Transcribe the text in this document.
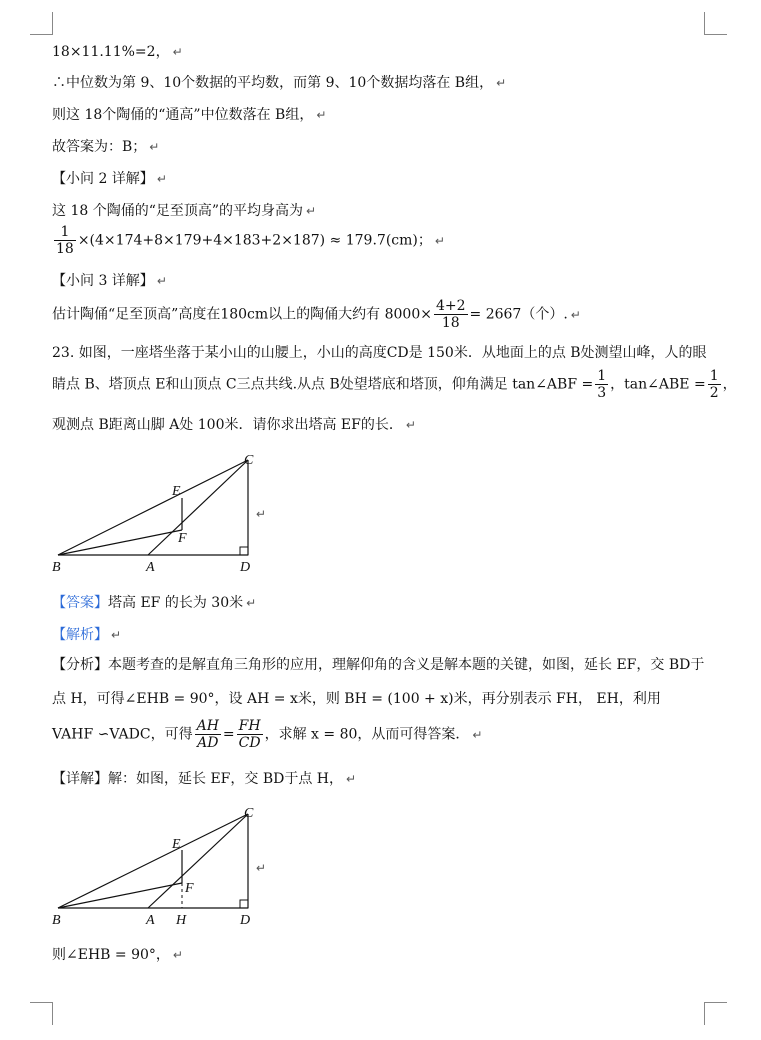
18×11.11%=2， ↵
∴中位数为第 9、10个数据的平均数，而第 9、10个数据均落在 B组， ↵
则这 18个陶俑的“通高”中位数落在 B组， ↵
故答案为：B； ↵
【小问 2 详解】 ↵
这 18 个陶俑的“足至顶高”的平均身高为 ↵
$\frac{1}{18} \times(4\times 174+8\times 179+4\times 183+2\times 187) \approx 179.7(cm)$； ↵
【小问 3 详解】 ↵
估计陶俑“足至顶高”高度在180cm以上的陶俑大约有 $8000\times \frac{4+2}{18} = 2667$（个）. ↵
23. 如图，一座塔坐落于某小山的山腰上，小山的高度CD是 150米．从地面上的点 B处测望山峰，人的眼
睛点 B、塔顶点 E和山顶点 C三点共线.从点 B处望塔底和塔顶，仰角满足 tan∠ABF = $\frac{1}{3}$ ，tan∠ABE = $\frac{1}{2}$ ，
观测点 B距离山脚 A处 100米．请你求出塔高 EF的长． ↵
B	A	D
C
E
F
↵
【答案】塔高 EF 的长为 30米 ↵
【解析】 ↵
【分析】本题考查的是解直角三角形的应用，理解仰角的含义是解本题的关键，如图，延长 EF，交 BD于
点 H，可得∠EHB = 90°，设 AH = x米，则 BH = (100 + x)米，再分别表示 FH， EH，利用
VAHF ∽VADC，可得 $\frac{AH}{AD} = \frac{FH}{CD}$ ，求解 x = 80，从而可得答案． ↵
【详解】解：如图，延长 EF，交 BD于点 H， ↵
B	A H	D
C
E
F
↵
则∠EHB = 90°， ↵
